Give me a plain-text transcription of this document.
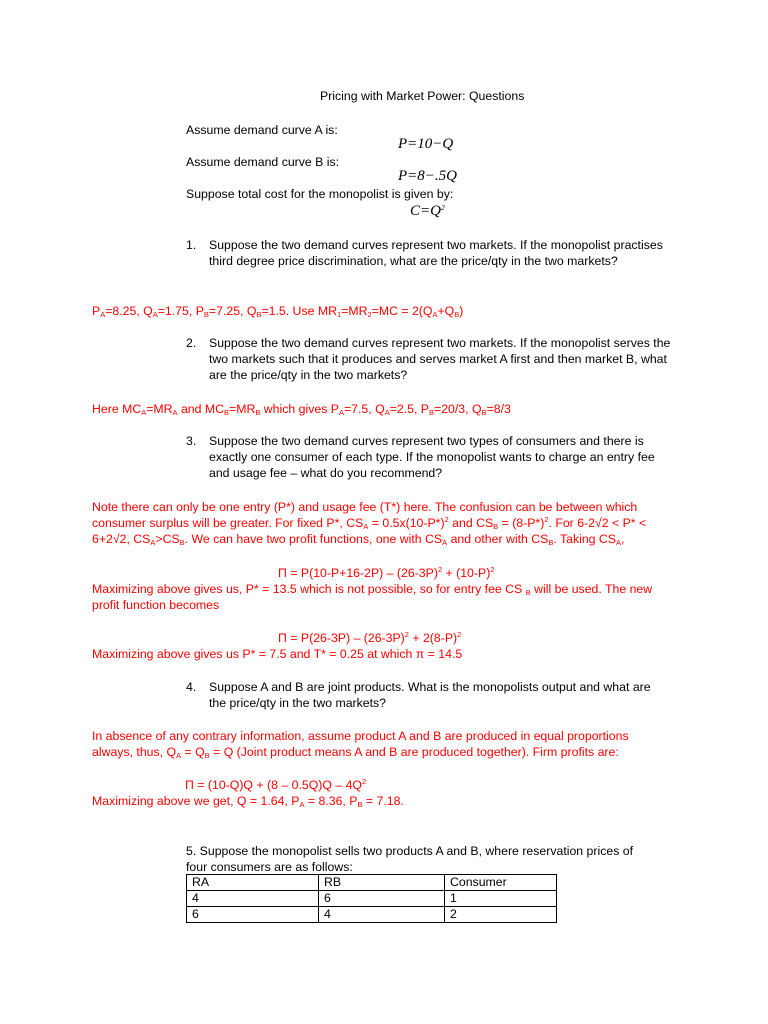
Pricing with Market Power: Questions
Assume demand curve A is:
P=10−Q
Assume demand curve B is:
P=8−.5Q
Suppose total cost for the monopolist is given by:
$C=Q^2$
1. Suppose the two demand curves represent two markets. If the monopolist practises third degree price discrimination, what are the price/qty in the two markets?
$P_A=8.25$, $Q_A=1.75$, $P_B=7.25$, $Q_B=1.5$. Use $MR_1=MR_2=MC = 2(Q_A+Q_B)$
2. Suppose the two demand curves represent two markets. If the monopolist serves the two markets such that it produces and serves market A first and then market B, what are the price/qty in the two markets?
Here $MC_A=MR_A$ and $MC_B=MR_B$ which gives $P_A=7.5$, $Q_A=2.5$, $P_B=20/3$, $Q_B=8/3$
3. Suppose the two demand curves represent two types of consumers and there is exactly one consumer of each type. If the monopolist wants to charge an entry fee and usage fee – what do you recommend?
Note there can only be one entry (P*) and usage fee (T*) here. The confusion can be between which
consumer surplus will be greater. For fixed P*, $CS_A = 0.5x(10-P*)^2$ and $CS_B = (8-P*)^2$. For 6-2√2 < P* <
6+2√2, $CS_A>CS_B$. We can have two profit functions, one with $CS_A$ and other with $CS_B$. Taking $CS_A$,
$\Pi = P(10-P+16-2P) - (26-3P)^2 + (10-P)^2$
Maximizing above gives us, P* = 13.5 which is not possible, so for entry fee CS $_B$ will be used. The new
profit function becomes
$\Pi = P(26-3P) - (26-3P)^2 + 2(8-P)^2$
Maximizing above gives us P* = 7.5 and T* = 0.25 at which π = 14.5
4. Suppose A and B are joint products. What is the monopolists output and what are the price/qty in the two markets?
In absence of any contrary information, assume product A and B are produced in equal proportions
always, thus, $Q_A = Q_B = Q$ (Joint product means A and B are produced together). Firm profits are:
$\Pi = (10-Q)Q + (8 - 0.5Q)Q - 4Q^2$
Maximizing above we get, Q = 1.64, $P_A = 8.36$, $P_B = 7.18$.
5. Suppose the monopolist sells two products A and B, where reservation prices of
four consumers are as follows:
RA	RB	Consumer
4	6	1
6	4	2
